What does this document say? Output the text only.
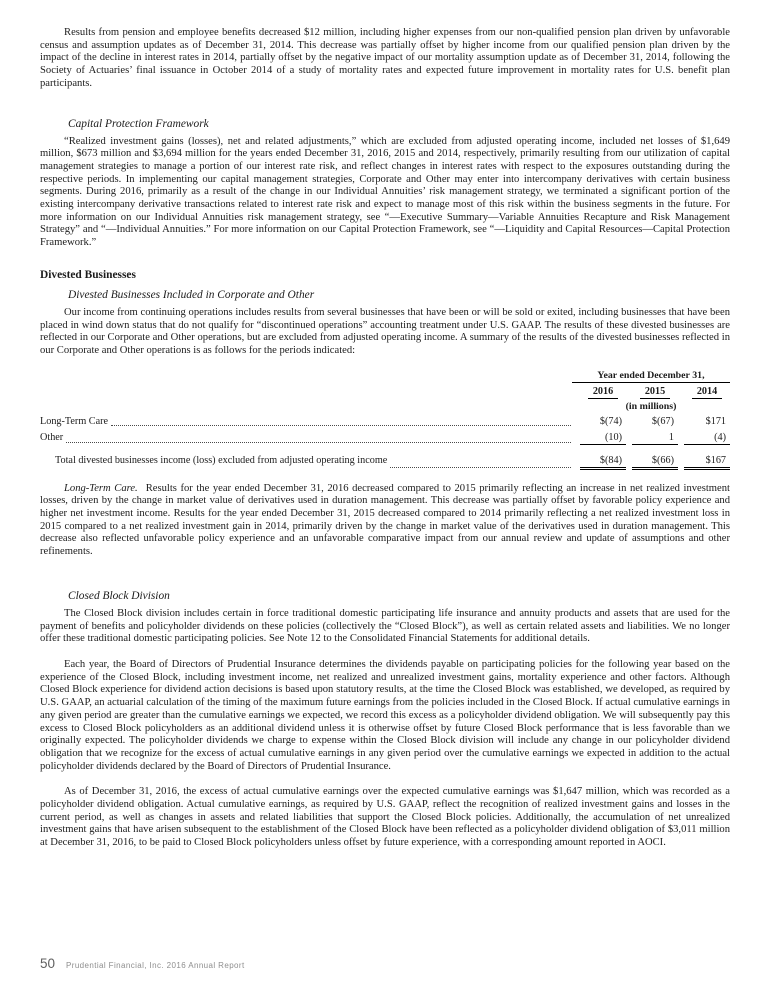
Results from pension and employee benefits decreased $12 million, including higher expenses from our non-qualified pension plan driven by unfavorable census and assumption updates as of December 31, 2014. This decrease was partially offset by higher income from our qualified pension plan driven by the impact of the decline in interest rates in 2014, partially offset by the negative impact of our mortality assumption update as of December 31, 2014, following the Society of Actuaries’ final issuance in October 2014 of a study of mortality rates and expected future improvement in mortality rates for U.S. benefit plan participants.

Capital Protection Framework

“Realized investment gains (losses), net and related adjustments,” which are excluded from adjusted operating income, included net losses of $1,649 million, $673 million and $3,694 million for the years ended December 31, 2016, 2015 and 2014, respectively, primarily resulting from our utilization of capital management strategies to manage a portion of our interest rate risk, and reflect changes in interest rates with respect to the exposures outstanding during the respective periods. In implementing our capital management strategies, Corporate and Other may enter into intercompany derivatives with certain business segments. During 2016, primarily as a result of the change in our Individual Annuities’ risk management strategy, we terminated a significant portion of the existing intercompany derivative transactions related to interest rate risk and expect to manage most of this risk within the business segments in the future. For more information on our Individual Annuities risk management strategy, see “—Executive Summary—Variable Annuities Recapture and Risk Management Strategy” and “—Individual Annuities.” For more information on our Capital Protection Framework, see “—Liquidity and Capital Resources—Capital Protection Framework.”

Divested Businesses
Divested Businesses Included in Corporate and Other

Our income from continuing operations includes results from several businesses that have been or will be sold or exited, including businesses that have been placed in wind down status that do not qualify for “discontinued operations” accounting treatment under U.S. GAAP. The results of these divested businesses are reflected in our Corporate and Other operations, but are excluded from adjusted operating income. A summary of the results of the divested businesses reflected in our Corporate and Other operations is as follows for the periods indicated:

Year ended December 31,
2016	2015	2014
(in millions)
Long-Term Care	$(74)	$(67)	$171
Other	(10)	1	(4)
Total divested businesses income (loss) excluded from adjusted operating income	$(84)	$(66)	$167

Long-Term Care. Results for the year ended December 31, 2016 decreased compared to 2015 primarily reflecting an increase in net realized investment losses, driven by the change in market value of derivatives used in duration management. This decrease was partially offset by favorable policy experience and higher net investment income. Results for the year ended December 31, 2015 decreased compared to 2014 primarily reflecting a net realized investment loss in 2015 compared to a net realized investment gain in 2014, primarily driven by the change in market value of the derivatives used in duration management. This decrease also reflected unfavorable policy experience and an unfavorable comparative impact from our annual review and update of assumptions and other refinements.

Closed Block Division

The Closed Block division includes certain in force traditional domestic participating life insurance and annuity products and assets that are used for the payment of benefits and policyholder dividends on these policies (collectively the “Closed Block”), as well as certain related assets and liabilities. We no longer offer these traditional domestic participating policies. See Note 12 to the Consolidated Financial Statements for additional details.

Each year, the Board of Directors of Prudential Insurance determines the dividends payable on participating policies for the following year based on the experience of the Closed Block, including investment income, net realized and unrealized investment gains, mortality experience and other factors. Although Closed Block experience for dividend action decisions is based upon statutory results, at the time the Closed Block was established, we developed, as required by U.S. GAAP, an actuarial calculation of the timing of the maximum future earnings from the policies included in the Closed Block. If actual cumulative earnings in any given period are greater than the cumulative earnings we expected, we record this excess as a policyholder dividend obligation. We will subsequently pay this excess to Closed Block policyholders as an additional dividend unless it is otherwise offset by future Closed Block performance that is less favorable than we originally expected. The policyholder dividends we charge to expense within the Closed Block division will include any change in our policyholder dividend obligation that we recognize for the excess of actual cumulative earnings in any given period over the cumulative earnings we expected in addition to the actual policyholder dividends declared by the Board of Directors of Prudential Insurance.

As of December 31, 2016, the excess of actual cumulative earnings over the expected cumulative earnings was $1,647 million, which was recorded as a policyholder dividend obligation. Actual cumulative earnings, as required by U.S. GAAP, reflect the recognition of realized investment gains and losses in the current period, as well as changes in assets and related liabilities that support the Closed Block policies. Additionally, the accumulation of net unrealized investment gains that have arisen subsequent to the establishment of the Closed Block have been reflected as a policyholder dividend obligation of $3,011 million at December 31, 2016, to be paid to Closed Block policyholders unless offset by future experience, with a corresponding amount reported in AOCI.

50 Prudential Financial, Inc. 2016 Annual Report
